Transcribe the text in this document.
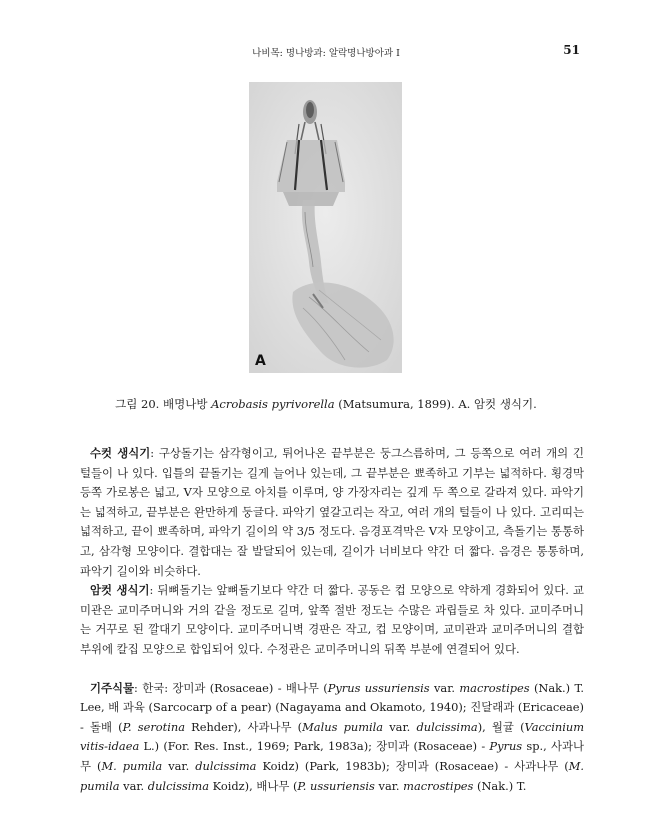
나비목: 명나방과: 알락명나방아과 I	51
A
그림 20. 배명나방 Acrobasis pyrivorella (Matsumura, 1899). A. 암컷 생식기.

수컷 생식기: 구상돌기는 삼각형이고, 튀어나온 끝부분은 둥그스름하며, 그 등쪽으로 여러 개의 긴 털들이 나 있다. 입틀의 끝돌기는 길게 늘어나 있는데, 그 끝부분은 뾰족하고 기부는 넓적하다. 횡경막 등쪽 가로봉은 넓고, V자 모양으로 아치를 이루며, 양 가장자리는 깊게 두 쪽으로 갈라져 있다. 파악기는 넓적하고, 끝부분은 완만하게 둥글다. 파악기 옆갈고리는 작고, 여러 개의 털들이 나 있다. 고리띠는 넓적하고, 끝이 뾰족하며, 파악기 길이의 약 3/5 정도다. 음경포격막은 V자 모양이고, 측돌기는 통통하고, 삼각형 모양이다. 결합대는 잘 발달되어 있는데, 길이가 너비보다 약간 더 짧다. 음경은 통통하며, 파악기 길이와 비슷하다.

암컷 생식기: 뒤뼈돌기는 앞뼈돌기보다 약간 더 짧다. 공동은 컵 모양으로 약하게 경화되어 있다. 교미관은 교미주머니와 거의 같을 정도로 길며, 앞쪽 절반 정도는 수많은 과립들로 차 있다. 교미주머니는 거꾸로 된 깔대기 모양이다. 교미주머니벽 경판은 작고, 컵 모양이며, 교미관과 교미주머니의 결합 부위에 칼집 모양으로 합입되어 있다. 수정관은 교미주머니의 뒤쪽 부분에 연결되어 있다.

기주식물: 한국: 장미과 (Rosaceae) - 배나무 (Pyrus ussuriensis var. macrostipes (Nak.) T. Lee, 배 과육 (Sarcocarp of a pear) (Nagayama and Okamoto, 1940); 진달래과 (Ericaceae) - 돌배 (P. serotina Rehder), 사과나무 (Malus pumila var. dulcissima), 월귤 (Vaccinium vitis-idaea L.) (For. Res. Inst., 1969; Park, 1983a); 장미과 (Rosaceae) - Pyrus sp., 사과나무 (M. pumila var. dulcissima Koidz) (Park, 1983b); 장미과 (Rosaceae) - 사과나무 (M. pumila var. dulcissima Koidz), 배나무 (P. ussuriensis var. macrostipes (Nak.) T.
